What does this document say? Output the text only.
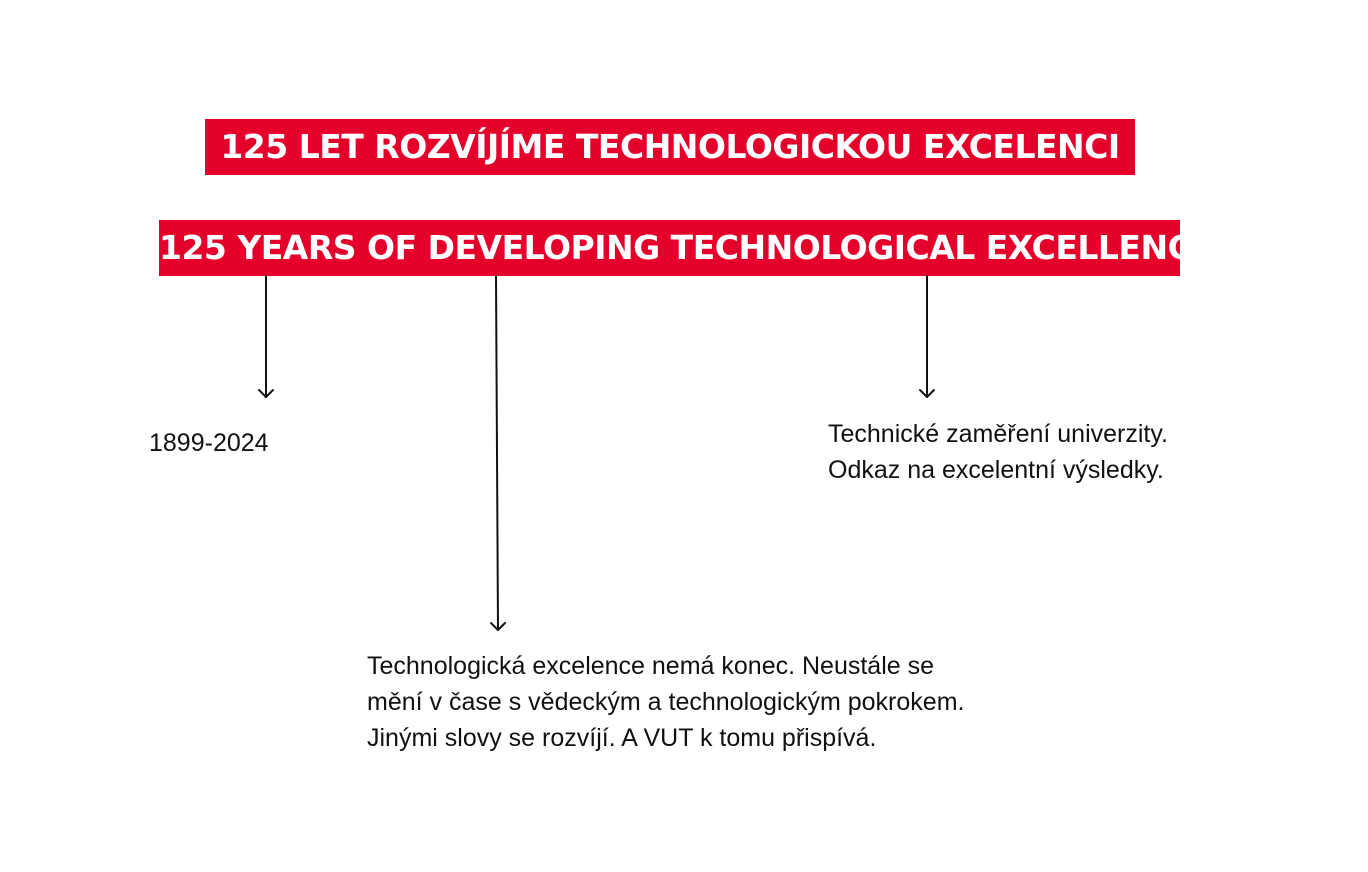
125 LET ROZVÍJÍME TECHNOLOGICKOU EXCELENCI
125 YEARS OF DEVELOPING TECHNOLOGICAL EXCELLENCE
1899-2024	Technické zaměření univerzity.
Odkaz na excelentní výsledky.
Technologická excelence nemá konec. Neustále se
mění v čase s vědeckým a technologickým pokrokem.
Jinými slovy se rozvíjí. A VUT k tomu přispívá.
